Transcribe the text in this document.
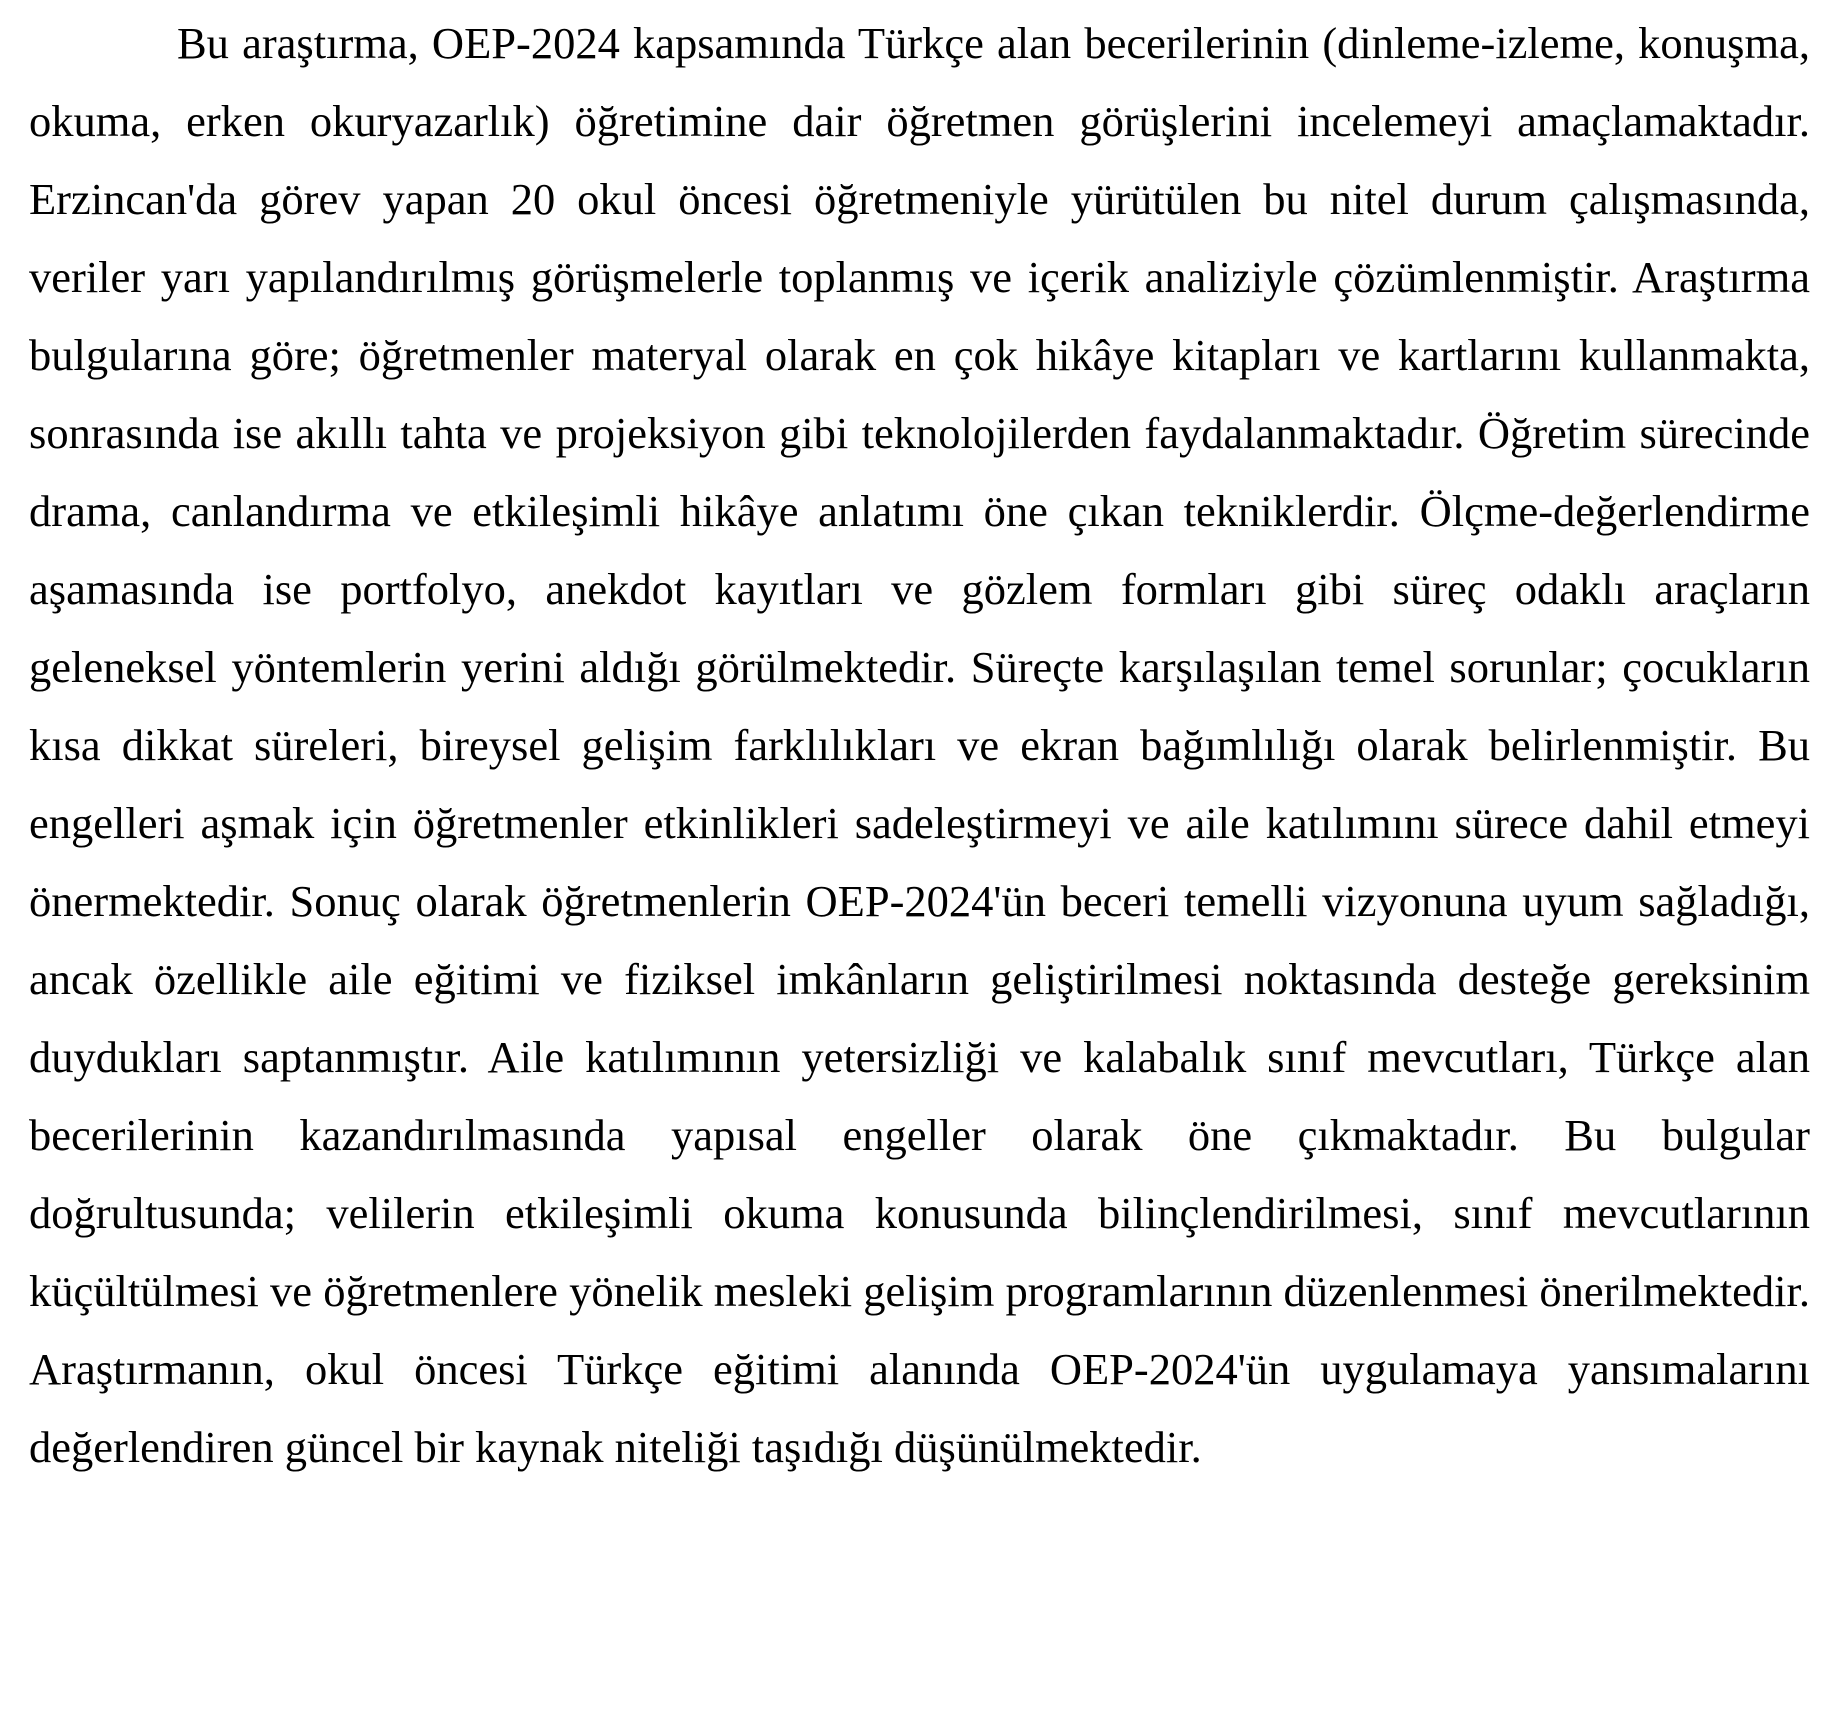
Bu araştırma, OEP-2024 kapsamında Türkçe alan becerilerinin (dinleme-izleme, konuşma, okuma, erken okuryazarlık) öğretimine dair öğretmen görüşlerini incelemeyi amaçlamaktadır. Erzincan'da görev yapan 20 okul öncesi öğretmeniyle yürütülen bu nitel durum çalışmasında, veriler yarı yapılandırılmış görüşmelerle toplanmış ve içerik analiziyle çözümlenmiştir. Araştırma bulgularına göre; öğretmenler materyal olarak en çok hikâye kitapları ve kartlarını kullanmakta, sonrasında ise akıllı tahta ve projeksiyon gibi teknolojilerden faydalanmaktadır. Öğretim sürecinde drama, canlandırma ve etkileşimli hikâye anlatımı öne çıkan tekniklerdir. Ölçme-değerlendirme aşamasında ise portfolyo, anekdot kayıtları ve gözlem formları gibi süreç odaklı araçların geleneksel yöntemlerin yerini aldığı görülmektedir. Süreçte karşılaşılan temel sorunlar; çocukların kısa dikkat süreleri, bireysel gelişim farklılıkları ve ekran bağımlılığı olarak belirlenmiştir. Bu engelleri aşmak için öğretmenler etkinlikleri sadeleştirmeyi ve aile katılımını sürece dahil etmeyi önermektedir. Sonuç olarak öğretmenlerin OEP-2024'ün beceri temelli vizyonuna uyum sağladığı, ancak özellikle aile eğitimi ve fiziksel imkânların geliştirilmesi noktasında desteğe gereksinim duydukları saptanmıştır. Aile katılımının yetersizliği ve kalabalık sınıf mevcutları, Türkçe alan becerilerinin kazandırılmasında yapısal engeller olarak öne çıkmaktadır. Bu bulgular doğrultusunda; velilerin etkileşimli okuma konusunda bilinçlendirilmesi, sınıf mevcutlarının küçültülmesi ve öğretmenlere yönelik mesleki gelişim programlarının düzenlenmesi önerilmektedir. Araştırmanın, okul öncesi Türkçe eğitimi alanında OEP-2024'ün uygulamaya yansımalarını değerlendiren güncel bir kaynak niteliği taşıdığı düşünülmektedir.
